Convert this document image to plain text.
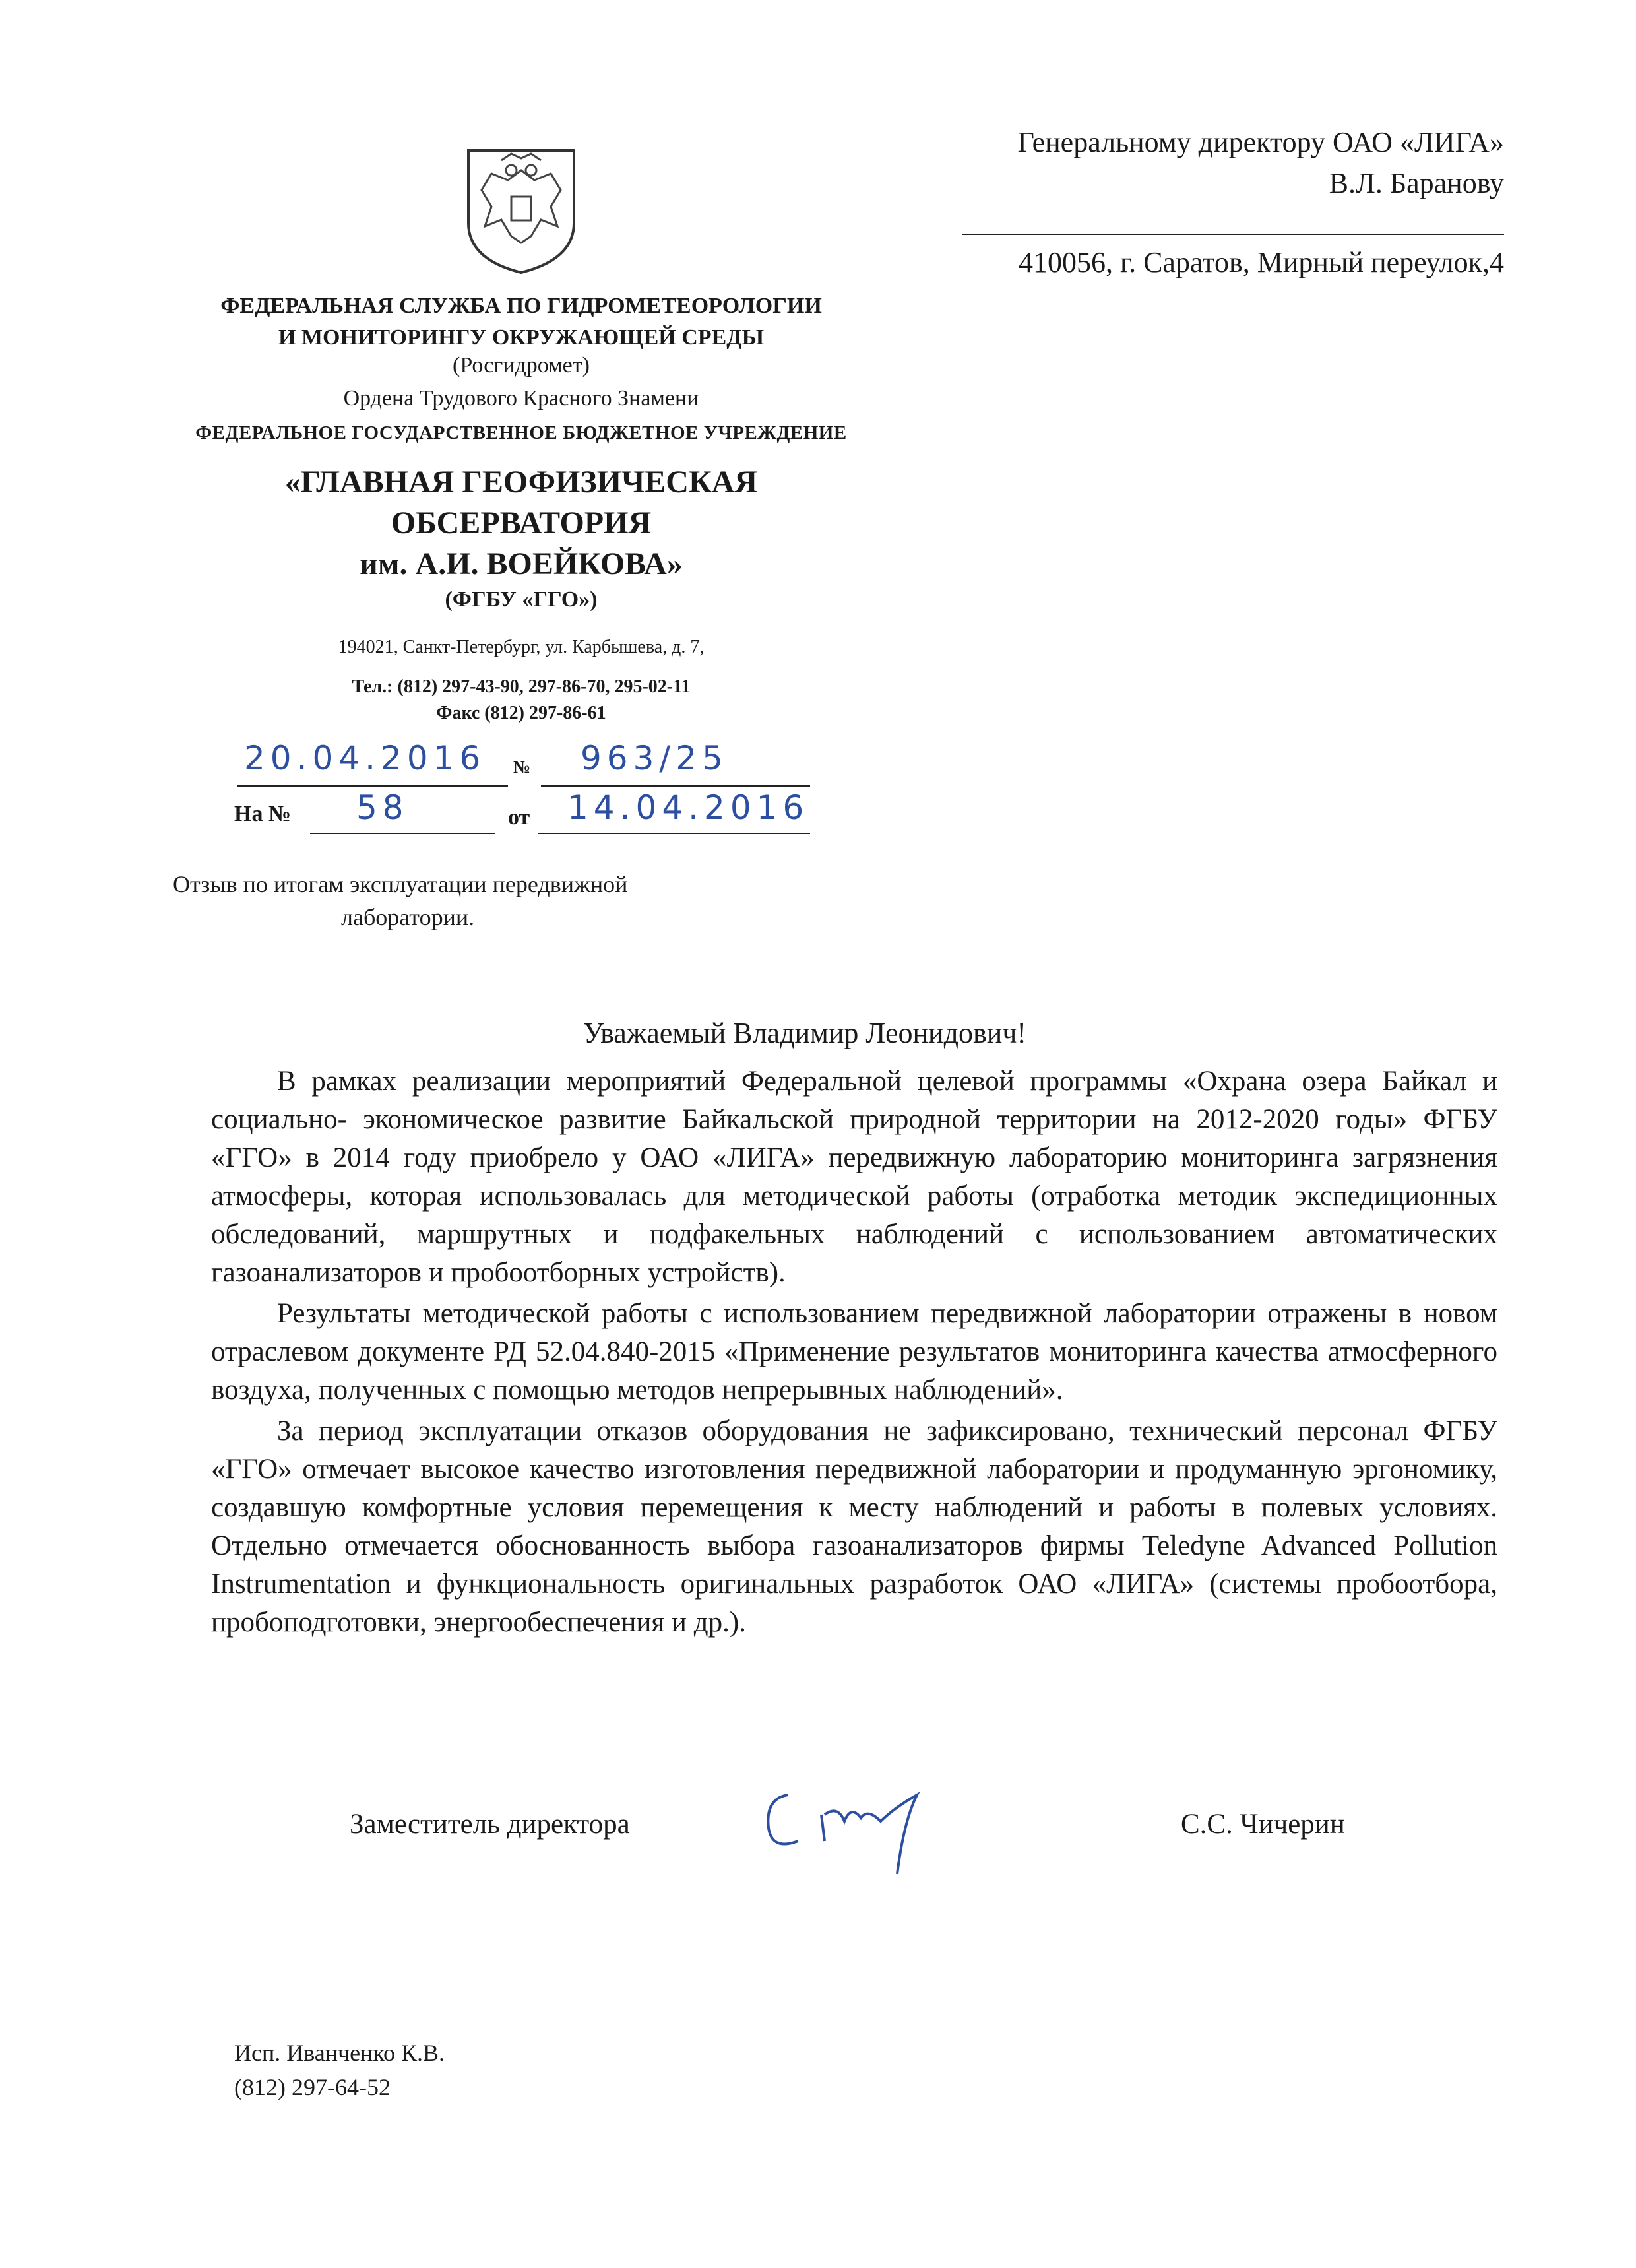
Генеральному директору ОАО «ЛИГА»
В.Л. Баранову
410056, г. Саратов, Мирный переулок,4
ФЕДЕРАЛЬНАЯ СЛУЖБА ПО ГИДРОМЕТЕОРОЛОГИИ
И МОНИТОРИНГУ ОКРУЖАЮЩЕЙ СРЕДЫ
(Росгидромет)
Ордена Трудового Красного Знамени
ФЕДЕРАЛЬНОЕ ГОСУДАРСТВЕННОЕ БЮДЖЕТНОЕ УЧРЕЖДЕНИЕ
«ГЛАВНАЯ ГЕОФИЗИЧЕСКАЯ
ОБСЕРВАТОРИЯ
им. А.И. ВОЕЙКОВА»
(ФГБУ «ГГО»)
194021, Санкт-Петербург, ул. Карбышева, д. 7,
Тел.: (812) 297-43-90, 297-86-70, 295-02-11
Факс (812) 297-86-61
20.04.2016 № 963/25
На № 58	от 14.04.2016
Отзыв по итогам эксплуатации передвижной
лаборатории.
Уважаемый Владимир Леонидович!

В рамках реализации мероприятий Федеральной целевой программы «Охрана озера Байкал и социально- экономическое развитие Байкальской природной территории на 2012-2020 годы» ФГБУ «ГГО» в 2014 году приобрело у ОАО «ЛИГА» передвижную лабораторию мониторинга загрязнения атмосферы, которая использовалась для методической работы (отработка методик экспедиционных обследований, маршрутных и подфакельных наблюдений с использованием автоматических газоанализаторов и пробоотборных устройств).

Результаты методической работы с использованием передвижной лаборатории отражены в новом отраслевом документе РД 52.04.840-2015 «Применение результатов мониторинга качества атмосферного воздуха, полученных с помощью методов непрерывных наблюдений».

За период эксплуатации отказов оборудования не зафиксировано, технический персонал ФГБУ «ГГО» отмечает высокое качество изготовления передвижной лаборатории и продуманную эргономику, создавшую комфортные условия перемещения к месту наблюдений и работы в полевых условиях. Отдельно отмечается обоснованность выбора газоанализаторов фирмы Teledyne Advanced Pollution Instrumentation и функциональность оригинальных разработок ОАО «ЛИГА» (системы пробоотбора, пробоподготовки, энергообеспечения и др.).

Заместитель директора	С.С. Чичерин
Исп. Иванченко К.В.
(812) 297-64-52
